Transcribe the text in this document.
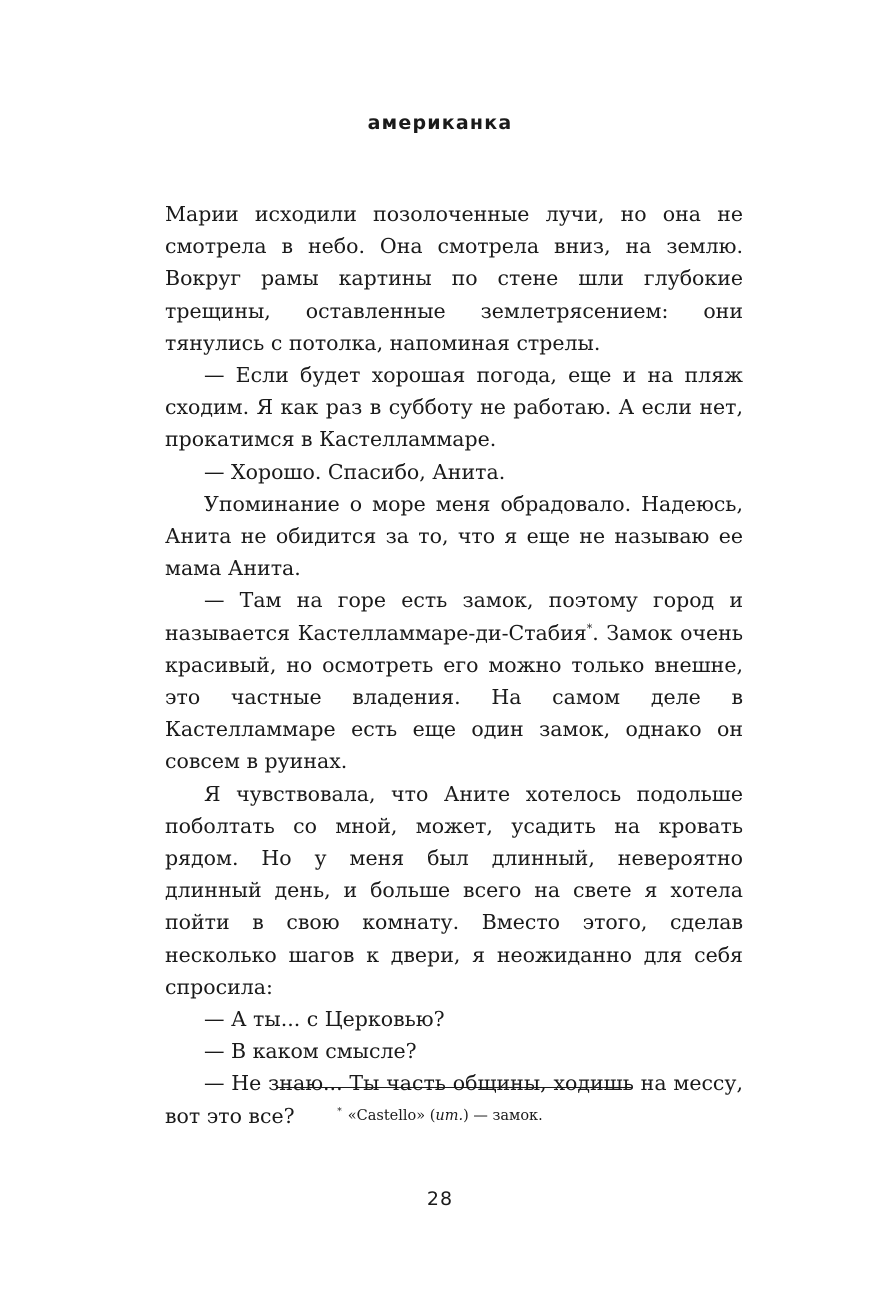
американка

Марии исходили позолоченные лучи, но она не смотрела в небо. Она смотрела вниз, на землю. Вокруг рамы картины по стене шли глубокие трещины, оставленные землетрясением: они тянулись с потолка, напоминая стрелы.

— Если будет хорошая погода, еще и на пляж сходим. Я как раз в субботу не работаю. А если нет, прокатимся в Кастелламмаре.

— Хорошо. Спасибо, Анита.

Упоминание о море меня обрадовало. Надеюсь, Анита не обидится за то, что я еще не называю ее мама Анита.

— Там на горе есть замок, поэтому город и называется Кастелламмаре-ди-Стабия*. Замок очень красивый, но осмотреть его можно только внешне, это частные владения. На самом деле в Кастелламмаре есть еще один замок, однако он совсем в руинах.

Я чувствовала, что Аните хотелось подольше поболтать со мной, может, усадить на кровать рядом. Но у меня был длинный, невероятно длинный день, и больше всего на свете я хотела пойти в свою комнату. Вместо этого, сделав несколько шагов к двери, я неожиданно для себя спросила:

— А ты... с Церковью?

— В каком смысле?

— Не знаю... Ты часть общины, ходишь на мессу, вот это все?	* «Castello» (ит.) — замок.
28
